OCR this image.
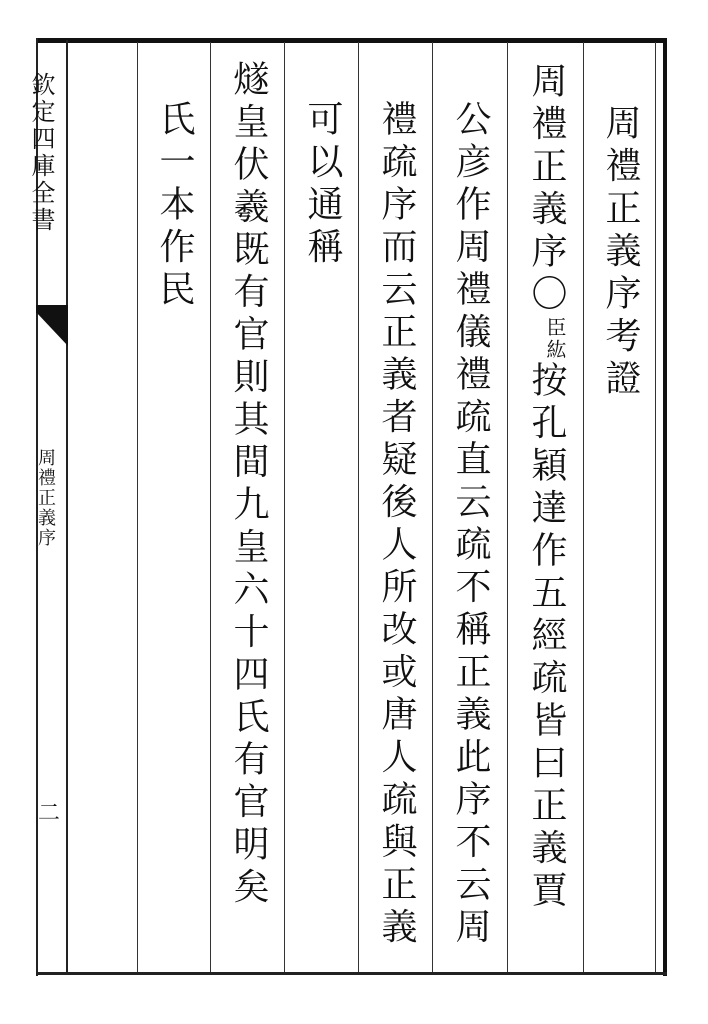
欽定四庫全書
周禮正義序
二
周禮正義序考證
周禮正義序〇臣紘按孔穎達作五經疏皆曰正義賈
公彦作周禮儀禮疏直云疏不稱正義此序不云周
禮疏序而云正義者疑後人所改或唐人疏與正義
可以通稱
燧皇伏羲既有官則其間九皇六十四氏有官明矣
氏一本作民
